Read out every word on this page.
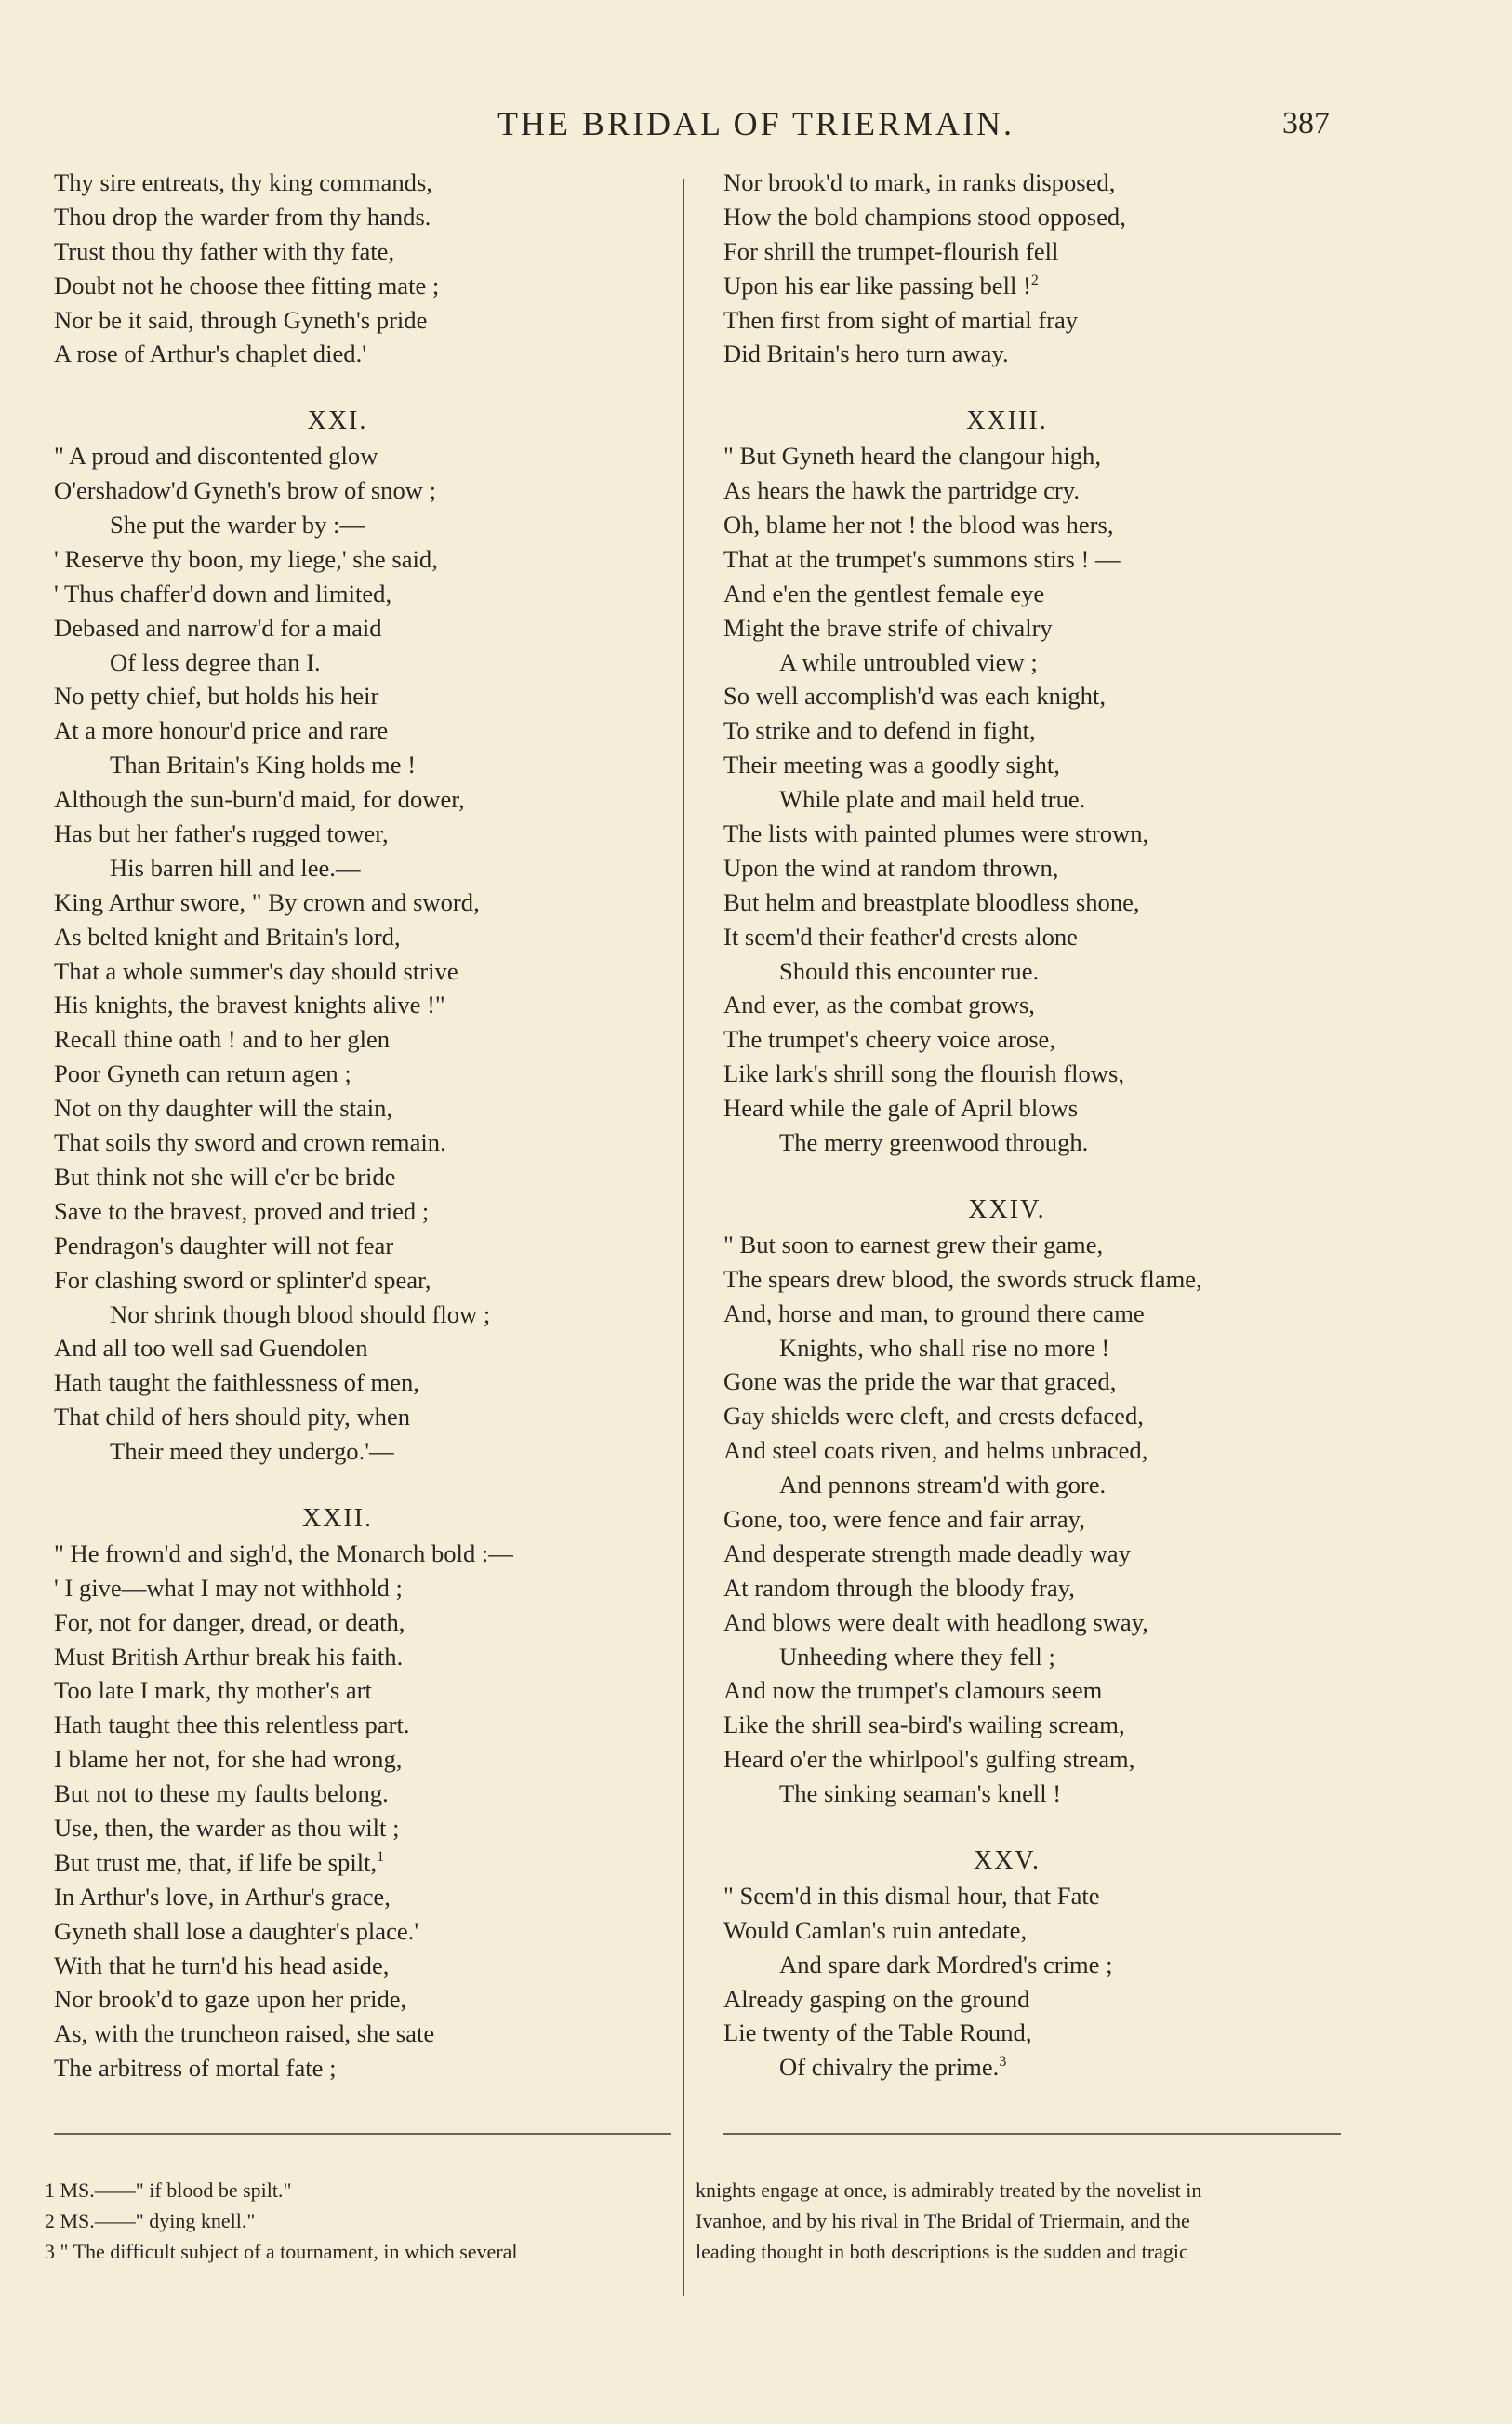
THE BRIDAL OF TRIERMAIN.	387
Thy sire entreats, thy king commands,
Thou drop the warder from thy hands.
Trust thou thy father with thy fate,
Doubt not he choose thee fitting mate ;
Nor be it said, through Gyneth's pride
A rose of Arthur's chaplet died.'
XXI.
" A proud and discontented glow
O'ershadow'd Gyneth's brow of snow ;
She put the warder by :—
' Reserve thy boon, my liege,' she said,
' Thus chaffer'd down and limited,
Debased and narrow'd for a maid
Of less degree than I.
No petty chief, but holds his heir
At a more honour'd price and rare
Than Britain's King holds me !
Although the sun-burn'd maid, for dower,
Has but her father's rugged tower,
His barren hill and lee.—
King Arthur swore, " By crown and sword,
As belted knight and Britain's lord,
That a whole summer's day should strive
His knights, the bravest knights alive !"
Recall thine oath ! and to her glen
Poor Gyneth can return agen ;
Not on thy daughter will the stain,
That soils thy sword and crown remain.
But think not she will e'er be bride
Save to the bravest, proved and tried ;
Pendragon's daughter will not fear
For clashing sword or splinter'd spear,
Nor shrink though blood should flow ;
And all too well sad Guendolen
Hath taught the faithlessness of men,
That child of hers should pity, when
Their meed they undergo.'—
XXII.
" He frown'd and sigh'd, the Monarch bold :—
' I give—what I may not withhold ;
For, not for danger, dread, or death,
Must British Arthur break his faith.
Too late I mark, thy mother's art
Hath taught thee this relentless part.
I blame her not, for she had wrong,
But not to these my faults belong.
Use, then, the warder as thou wilt ;
But trust me, that, if life be spilt,$^1$
In Arthur's love, in Arthur's grace,
Gyneth shall lose a daughter's place.'
With that he turn'd his head aside,
Nor brook'd to gaze upon her pride,
As, with the truncheon raised, she sate
The arbitress of mortal fate ;
Nor brook'd to mark, in ranks disposed,
How the bold champions stood opposed,
For shrill the trumpet-flourish fell
Upon his ear like passing bell !$^2$
Then first from sight of martial fray
Did Britain's hero turn away.
XXIII.
" But Gyneth heard the clangour high,
As hears the hawk the partridge cry.
Oh, blame her not ! the blood was hers,
That at the trumpet's summons stirs ! —
And e'en the gentlest female eye
Might the brave strife of chivalry
A while untroubled view ;
So well accomplish'd was each knight,
To strike and to defend in fight,
Their meeting was a goodly sight,
While plate and mail held true.
The lists with painted plumes were strown,
Upon the wind at random thrown,
But helm and breastplate bloodless shone,
It seem'd their feather'd crests alone
Should this encounter rue.
And ever, as the combat grows,
The trumpet's cheery voice arose,
Like lark's shrill song the flourish flows,
Heard while the gale of April blows
The merry greenwood through.
XXIV.
" But soon to earnest grew their game,
The spears drew blood, the swords struck flame,
And, horse and man, to ground there came
Knights, who shall rise no more !
Gone was the pride the war that graced,
Gay shields were cleft, and crests defaced,
And steel coats riven, and helms unbraced,
And pennons stream'd with gore.
Gone, too, were fence and fair array,
And desperate strength made deadly way
At random through the bloody fray,
And blows were dealt with headlong sway,
Unheeding where they fell ;
And now the trumpet's clamours seem
Like the shrill sea-bird's wailing scream,
Heard o'er the whirlpool's gulfing stream,
The sinking seaman's knell !
XXV.
" Seem'd in this dismal hour, that Fate
Would Camlan's ruin antedate,
And spare dark Mordred's crime ;
Already gasping on the ground
Lie twenty of the Table Round,
Of chivalry the prime.$^3$
1 MS.——" if blood be spilt."
2 MS.——" dying knell."
3 " The difficult subject of a tournament, in which several
knights engage at once, is admirably treated by the novelist in
Ivanhoe, and by his rival in The Bridal of Triermain, and the
leading thought in both descriptions is the sudden and tragic
